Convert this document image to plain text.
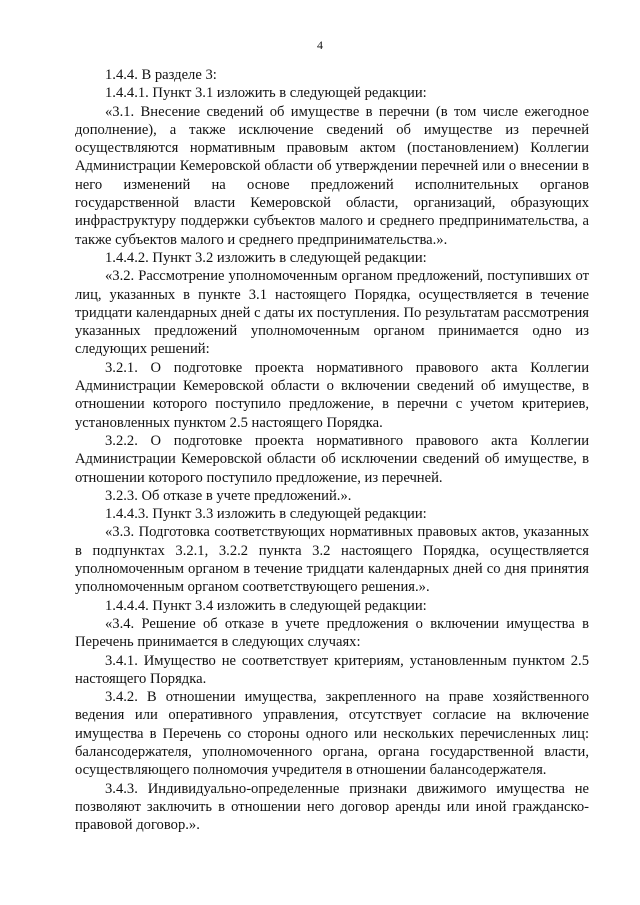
4

1.4.4. В разделе 3:

1.4.4.1. Пункт 3.1 изложить в следующей редакции:

«3.1. Внесение сведений об имуществе в перечни (в том числе ежегодное дополнение), а также исключение сведений об имуществе из перечней осуществляются нормативным правовым актом (постановлением) Коллегии Администрации Кемеровской области об утверждении перечней или о внесении в него изменений на основе предложений исполнительных органов государственной власти Кемеровской области, организаций, образующих инфраструктуру поддержки субъектов малого и среднего предпринимательства, а также субъектов малого и среднего предпринимательства.».

1.4.4.2. Пункт 3.2 изложить в следующей редакции:

«3.2. Рассмотрение уполномоченным органом предложений, поступивших от лиц, указанных в пункте 3.1 настоящего Порядка, осуществляется в течение тридцати календарных дней с даты их поступления. По результатам рассмотрения указанных предложений уполномоченным органом принимается одно из следующих решений:

3.2.1. О подготовке проекта нормативного правового акта Коллегии Администрации Кемеровской области о включении сведений об имуществе, в отношении которого поступило предложение, в перечни с учетом критериев, установленных пунктом 2.5 настоящего Порядка.

3.2.2. О подготовке проекта нормативного правового акта Коллегии Администрации Кемеровской области об исключении сведений об имуществе, в отношении которого поступило предложение, из перечней.

3.2.3. Об отказе в учете предложений.».

1.4.4.3. Пункт 3.3 изложить в следующей редакции:

«3.3. Подготовка соответствующих нормативных правовых актов, указанных в подпунктах 3.2.1, 3.2.2 пункта 3.2 настоящего Порядка, осуществляется уполномоченным органом в течение тридцати календарных дней со дня принятия уполномоченным органом соответствующего решения.».

1.4.4.4. Пункт 3.4 изложить в следующей редакции:

«3.4. Решение об отказе в учете предложения о включении имущества в Перечень принимается в следующих случаях:

3.4.1. Имущество не соответствует критериям, установленным пунктом 2.5 настоящего Порядка.

3.4.2. В отношении имущества, закрепленного на праве хозяйственного ведения или оперативного управления, отсутствует согласие на включение имущества в Перечень со стороны одного или нескольких перечисленных лиц: балансодержателя, уполномоченного органа, органа государственной власти, осуществляющего полномочия учредителя в отношении балансодержателя.

3.4.3. Индивидуально-определенные признаки движимого имущества не позволяют заключить в отношении него договор аренды или иной гражданско-правовой договор.».
